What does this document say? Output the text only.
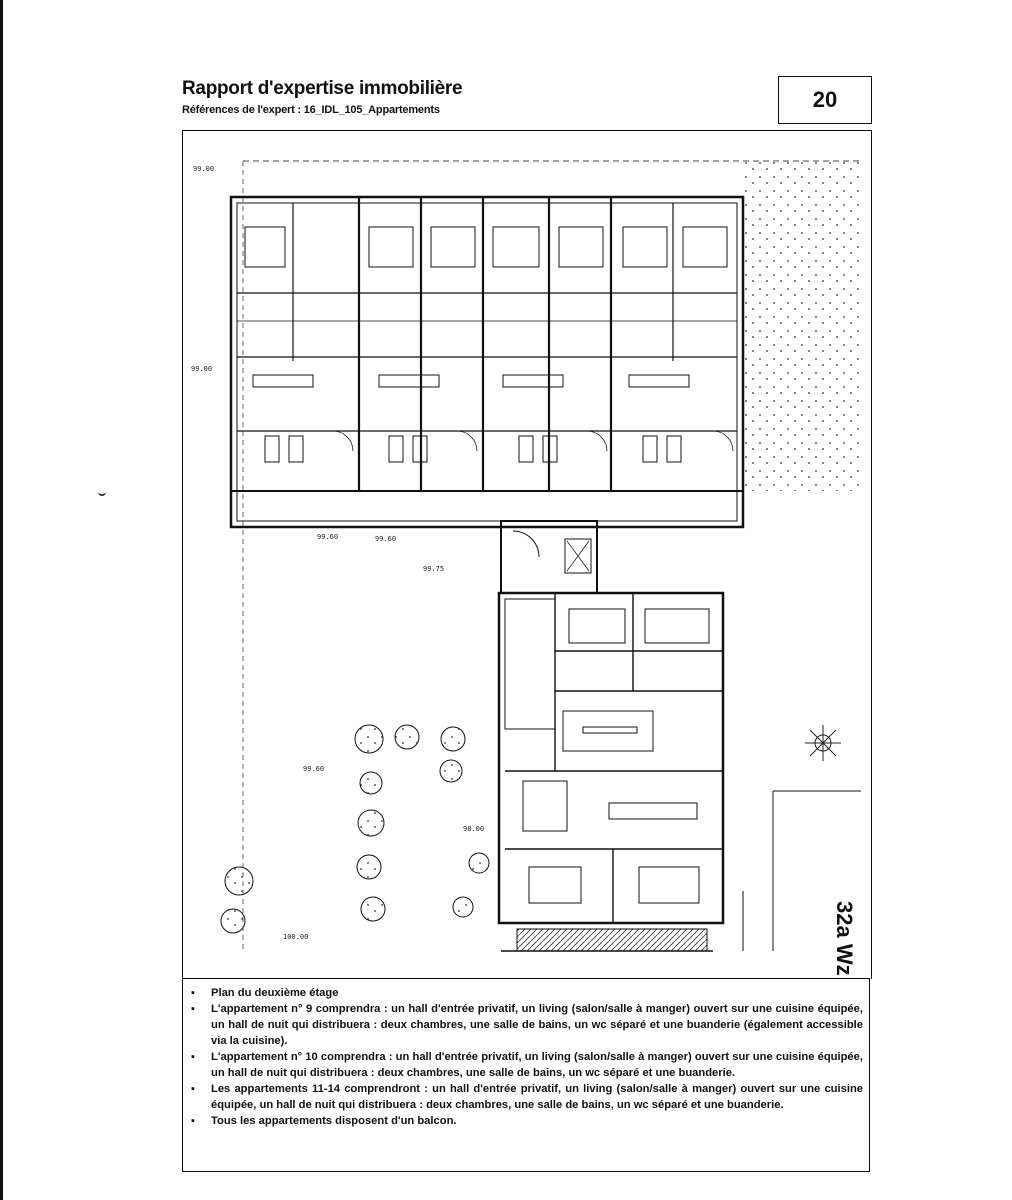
Rapport d'expertise immobilière
Références de l'expert : 16_IDL_105_Appartements	20
99.60	99.60
99.75
99.60
98.00
100.00
99.00
99.00
32a Wz
▪ Plan du deuxième étage
▪ L'appartement n° 9 comprendra : un hall d'entrée privatif, un living (salon/salle à manger) ouvert sur une cuisine équipée, un hall de nuit qui distribuera : deux chambres, une salle de bains, un wc séparé et une buanderie (également accessible via la cuisine).
▪ L'appartement n° 10 comprendra : un hall d'entrée privatif, un living (salon/salle à manger) ouvert sur une cuisine équipée, un hall de nuit qui distribuera : deux chambres, une salle de bains, un wc séparé et une buanderie.
▪ Les appartements 11-14 comprendront : un hall d'entrée privatif, un living (salon/salle à manger) ouvert sur une cuisine équipée, un hall de nuit qui distribuera : deux chambres, une salle de bains, un wc séparé et une buanderie.
▪ Tous les appartements disposent d'un balcon.
